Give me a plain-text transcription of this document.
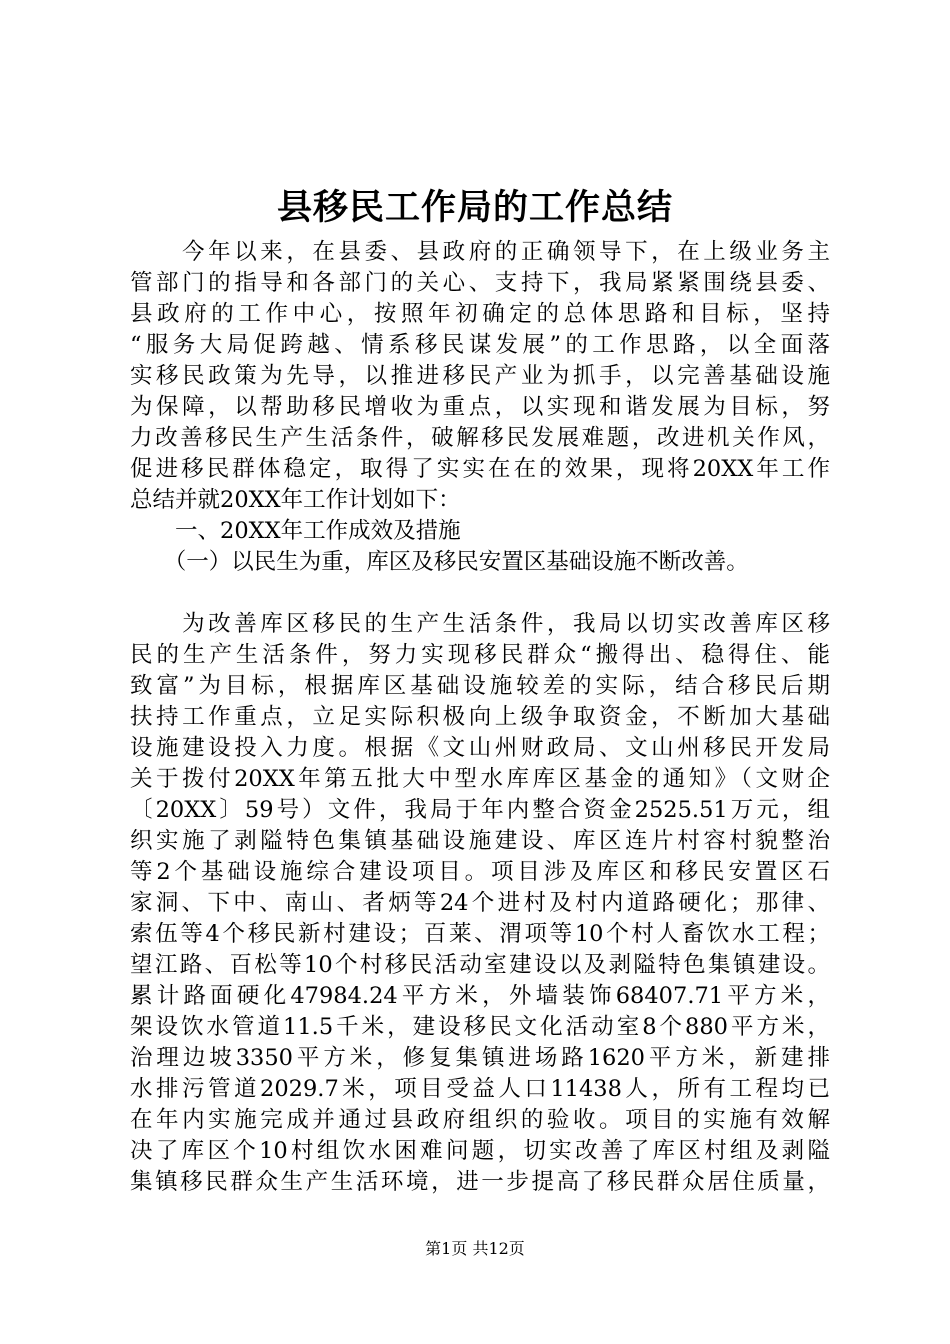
县移民工作局的工作总结
　　今年以来，在县委、县政府的正确领导下，在上级业务主
管部门的指导和各部门的关心、支持下，我局紧紧围绕县委、
县政府的工作中心，按照年初确定的总体思路和目标，坚持
“服务大局促跨越、情系移民谋发展”的工作思路，以全面落
实移民政策为先导，以推进移民产业为抓手，以完善基础设施
为保障，以帮助移民增收为重点，以实现和谐发展为目标，努
力改善移民生产生活条件，破解移民发展难题，改进机关作风，
促进移民群体稳定，取得了实实在在的效果，现将20XX年工作
总结并就20XX年工作计划如下：
　　一、20XX年工作成效及措施
　　（一）以民生为重，库区及移民安置区基础设施不断改善。
　　为改善库区移民的生产生活条件，我局以切实改善库区移
民的生产生活条件，努力实现移民群众“搬得出、稳得住、能
致富”为目标，根据库区基础设施较差的实际，结合移民后期
扶持工作重点，立足实际积极向上级争取资金，不断加大基础
设施建设投入力度。根据《文山州财政局、文山州移民开发局
关于拨付20XX年第五批大中型水库库区基金的通知》（文财企
〔20XX〕59号）文件，我局于年内整合资金2525.51万元，组
织实施了剥隘特色集镇基础设施建设、库区连片村容村貌整治
等2个基础设施综合建设项目。项目涉及库区和移民安置区石
家洞、下中、南山、者炳等24个进村及村内道路硬化；那律、
索伍等4个移民新村建设；百莱、渭项等10个村人畜饮水工程；
望江路、百松等10个村移民活动室建设以及剥隘特色集镇建设。
累计路面硬化47984.24平方米，外墙装饰68407.71平方米，
架设饮水管道11.5千米，建设移民文化活动室8个880平方米，
治理边坡3350平方米，修复集镇进场路1620平方米，新建排
水排污管道2029.7米，项目受益人口11438人，所有工程均已
在年内实施完成并通过县政府组织的验收。项目的实施有效解
决了库区个10村组饮水困难问题，切实改善了库区村组及剥隘
集镇移民群众生产生活环境，进一步提高了移民群众居住质量，
第1页 共12页
